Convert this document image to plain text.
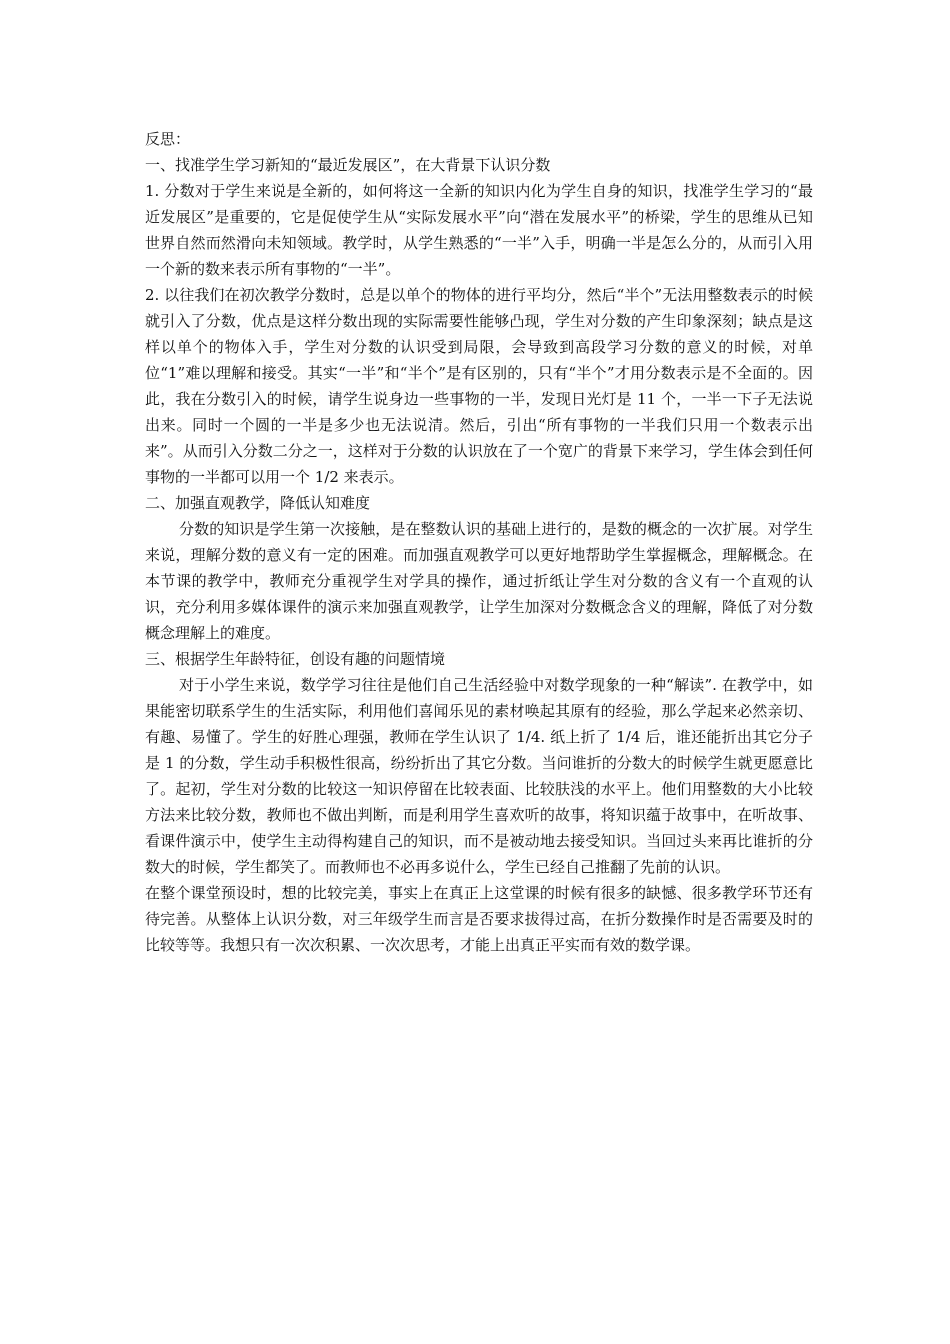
反思：

一、找准学生学习新知的“最近发展区”，在大背景下认识分数

1. 分数对于学生来说是全新的，如何将这一全新的知识内化为学生自身的知识，找准学生学习的“最近发展区”是重要的，它是促使学生从“实际发展水平”向“潜在发展水平”的桥梁，学生的思维从已知世界自然而然滑向未知领域。教学时，从学生熟悉的“一半”入手，明确一半是怎么分的，从而引入用一个新的数来表示所有事物的“一半”。

2. 以往我们在初次教学分数时，总是以单个的物体的进行平均分，然后“半个”无法用整数表示的时候就引入了分数，优点是这样分数出现的实际需要性能够凸现，学生对分数的产生印象深刻；缺点是这样以单个的物体入手，学生对分数的认识受到局限，会导致到高段学习分数的意义的时候，对单位“1”难以理解和接受。其实“一半”和“半个”是有区别的，只有“半个”才用分数表示是不全面的。因此，我在分数引入的时候，请学生说身边一些事物的一半，发现日光灯是 11 个，一半一下子无法说出来。同时一个圆的一半是多少也无法说清。然后，引出“所有事物的一半我们只用一个数表示出来”。从而引入分数二分之一，这样对于分数的认识放在了一个宽广的背景下来学习，学生体会到任何事物的一半都可以用一个 1/2 来表示。

二、加强直观教学，降低认知难度

分数的知识是学生第一次接触，是在整数认识的基础上进行的，是数的概念的一次扩展。对学生来说，理解分数的意义有一定的困难。而加强直观教学可以更好地帮助学生掌握概念，理解概念。在本节课的教学中，教师充分重视学生对学具的操作，通过折纸让学生对分数的含义有一个直观的认识，充分利用多媒体课件的演示来加强直观教学，让学生加深对分数概念含义的理解，降低了对分数概念理解上的难度。

三、根据学生年龄特征，创设有趣的问题情境

对于小学生来说，数学学习往往是他们自己生活经验中对数学现象的一种“解读”. 在教学中，如果能密切联系学生的生活实际，利用他们喜闻乐见的素材唤起其原有的经验，那么学起来必然亲切、有趣、易懂了。学生的好胜心理强，教师在学生认识了 1/4. 纸上折了 1/4 后，谁还能折出其它分子是 1 的分数，学生动手积极性很高，纷纷折出了其它分数。当问谁折的分数大的时候学生就更愿意比了。起初，学生对分数的比较这一知识停留在比较表面、比较肤浅的水平上。他们用整数的大小比较方法来比较分数，教师也不做出判断，而是利用学生喜欢听的故事，将知识蕴于故事中，在听故事、看课件演示中，使学生主动得构建自己的知识，而不是被动地去接受知识。当回过头来再比谁折的分数大的时候，学生都笑了。而教师也不必再多说什么，学生已经自己推翻了先前的认识。

在整个课堂预设时，想的比较完美，事实上在真正上这堂课的时候有很多的缺憾、很多教学环节还有待完善。从整体上认识分数，对三年级学生而言是否要求拔得过高，在折分数操作时是否需要及时的比较等等。我想只有一次次积累、一次次思考，才能上出真正平实而有效的数学课。
